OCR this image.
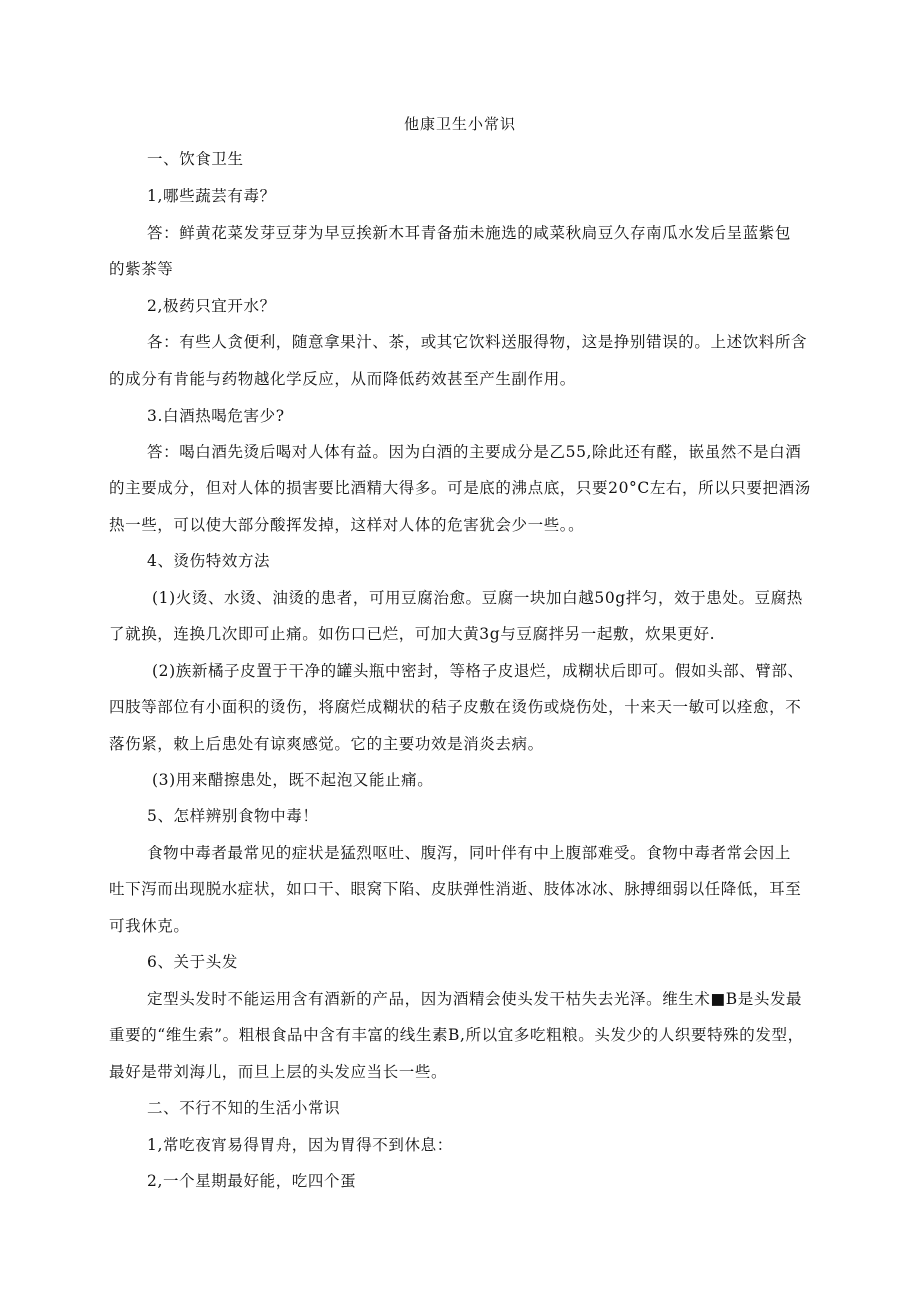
他康卫生小常识
一、饮食卫生
1,哪些蔬芸有毒？
答：鲜黄花菜发芽豆芽为早豆挨新木耳青备茄未施选的咸菜秋扃豆久存南瓜水发后呈蓝紫包
的紫茶等
2,极药只宜开水？
各：有些人贪便利，随意拿果汁、茶，或其它饮料送服得物，这是挣别错误的。上述饮料所含
的成分有肯能与药物越化学反应，从而降低药效甚至产生副作用。
3.白酒热喝危害少?
答：喝白酒先烫后喝对人体有益。因为白酒的主要成分是乙55,除此还有醛，嵌虽然不是白酒
的主要成分，但对人体的损害要比酒精大得多。可是底的沸点底，只要20°C左右，所以只要把酒汤
热一些，可以使大部分酸挥发掉，这样对人体的危害犹会少一些。。
4、烫伤特效方法
(1)火烫、水烫、油烫的患者，可用豆腐治愈。豆腐一块加白越50g拌匀，效于患处。豆腐热
了就换，连换几次即可止痛。如伤口已烂，可加大黄3g与豆腐拌另一起敷，炊果更好.
(2)族新橘子皮置于干净的罐头瓶中密封，等格子皮退烂，成糊状后即可。假如头部、臂部、
四肢等部位有小面积的烫伤，将腐烂成糊状的秸子皮敷在烫伤或烧伤处，十来天一敏可以痊愈，不
落伤紧，敕上后患处有谅爽感觉。它的主要功效是消炎去病。
(3)用来醋擦患处，既不起泡又能止痛。
5、怎样辨别食物中毒！
食物中毒者最常见的症状是猛烈呕吐、腹泻，同叶伴有中上腹部难受。食物中毒者常会因上
吐下泻而出现脱水症状，如口干、眼窝下陷、皮肤弹性消逝、肢体冰冰、脉搏细弱以任降低，耳至
可我休克。
6、关于头发
定型头发时不能运用含有酒新的产品，因为酒精会使头发干枯失去光泽。维生术■B是头发最
重要的“维生索”。粗根食品中含有丰富的线生素B,所以宜多吃粗粮。头发少的人织要特殊的发型，
最好是带刘海儿，而旦上层的头发应当长一些。
二、不行不知的生活小常识
1,常吃夜宵易得胃舟，因为胃得不到休息：
2,一个星期最好能，吃四个蛋
